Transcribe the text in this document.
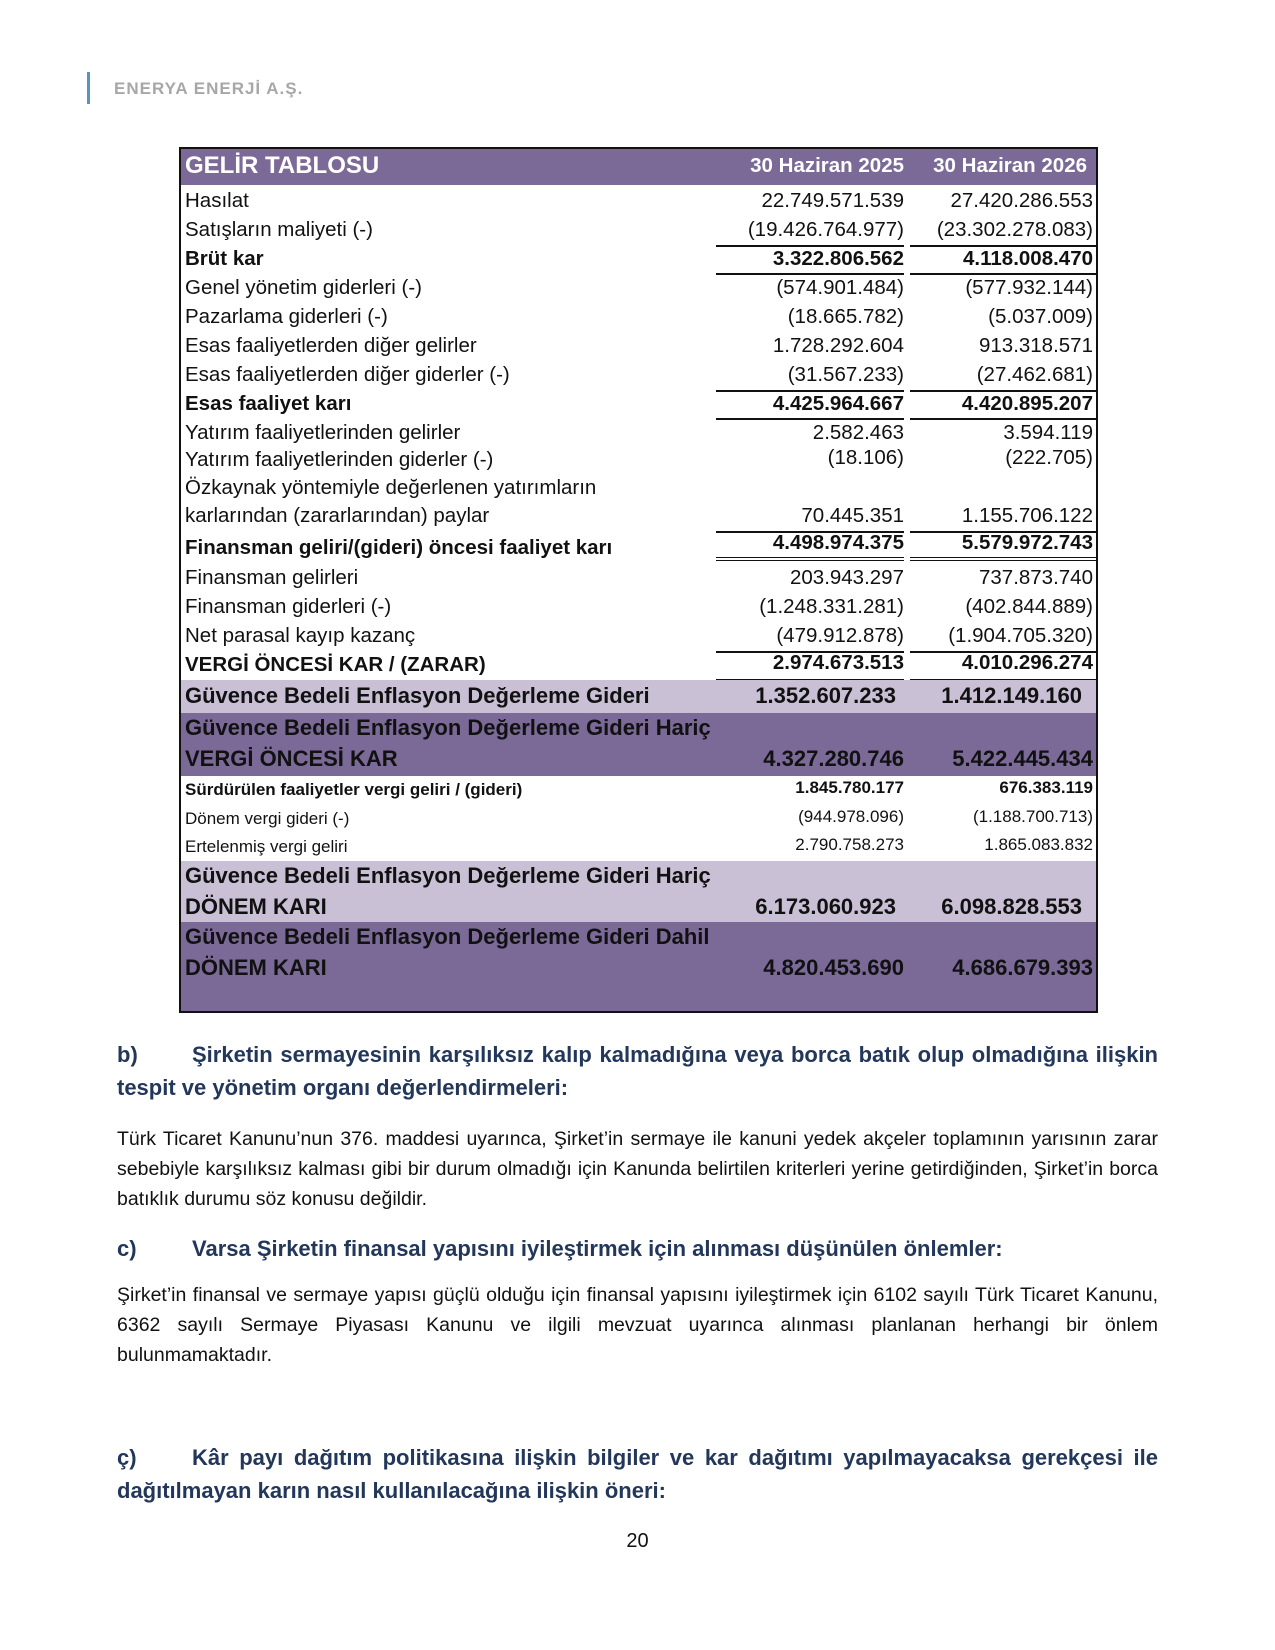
ENERYA ENERJİ A.Ş.
GELİR TABLOSU	30 Haziran 2025 30 Haziran 2026
Hasılat	22.749.571.539 27.420.286.553
Satışların maliyeti (-)	(19.426.764.977) (23.302.278.083)
Brüt kar	3.322.806.562	4.118.008.470
Genel yönetim giderleri (-)	(574.901.484)	(577.932.144)
Pazarlama giderleri (-)	(18.665.782)	(5.037.009)
Esas faaliyetlerden diğer gelirler	1.728.292.604	913.318.571
Esas faaliyetlerden diğer giderler (-)	(31.567.233)	(27.462.681)
Esas faaliyet karı	4.425.964.667	4.420.895.207
Yatırım faaliyetlerinden gelirler	2.582.463	3.594.119
Yatırım faaliyetlerinden giderler (-)	(18.106)	(222.705)
Özkaynak yöntemiyle değerlenen yatırımların
karlarından (zararlarından) paylar	70.445.351	1.155.706.122
Finansman geliri/(gideri) öncesi faaliyet karı	4.498.974.375	5.579.972.743
Finansman gelirleri	203.943.297	737.873.740
Finansman giderleri (-)	(1.248.331.281)	(402.844.889)
Net parasal kayıp kazanç	(479.912.878) (1.904.705.320)
VERGİ ÖNCESİ KAR / (ZARAR)	2.974.673.513	4.010.296.274
Güvence Bedeli Enflasyon Değerleme Gideri	1.352.607.233 1.412.149.160
Güvence Bedeli Enflasyon Değerleme Gideri Hariç
VERGİ ÖNCESİ KAR	4.327.280.746 5.422.445.434
Sürdürülen faaliyetler vergi geliri / (gideri)	1.845.780.177	676.383.119
Dönem vergi gideri (-)	(944.978.096)	(1.188.700.713)
Ertelenmiş vergi geliri	2.790.758.273	1.865.083.832
Güvence Bedeli Enflasyon Değerleme Gideri Hariç
DÖNEM KARI	6.173.060.923 6.098.828.553
Güvence Bedeli Enflasyon Değerleme Gideri Dahil
DÖNEM KARI	4.820.453.690 4.686.679.393
b)	Şirketin sermayesinin karşılıksız kalıp kalmadığına veya borca batık olup olmadığına ilişkin tespit ve yönetim organı değerlendirmeleri:
Türk Ticaret Kanunu’nun 376. maddesi uyarınca, Şirket’in sermaye ile kanuni yedek akçeler toplamının yarısının zarar sebebiyle karşılıksız kalması gibi bir durum olmadığı için Kanunda belirtilen kriterleri yerine getirdiğinden, Şirket’in borca batıklık durumu söz konusu değildir.
c)	Varsa Şirketin finansal yapısını iyileştirmek için alınması düşünülen önlemler:
Şirket’in finansal ve sermaye yapısı güçlü olduğu için finansal yapısını iyileştirmek için 6102 sayılı Türk Ticaret Kanunu, 6362 sayılı Sermaye Piyasası Kanunu ve ilgili mevzuat uyarınca alınması planlanan herhangi bir önlem bulunmamaktadır.
ç)	Kâr payı dağıtım politikasına ilişkin bilgiler ve kar dağıtımı yapılmayacaksa gerekçesi ile dağıtılmayan karın nasıl kullanılacağına ilişkin öneri:
20
